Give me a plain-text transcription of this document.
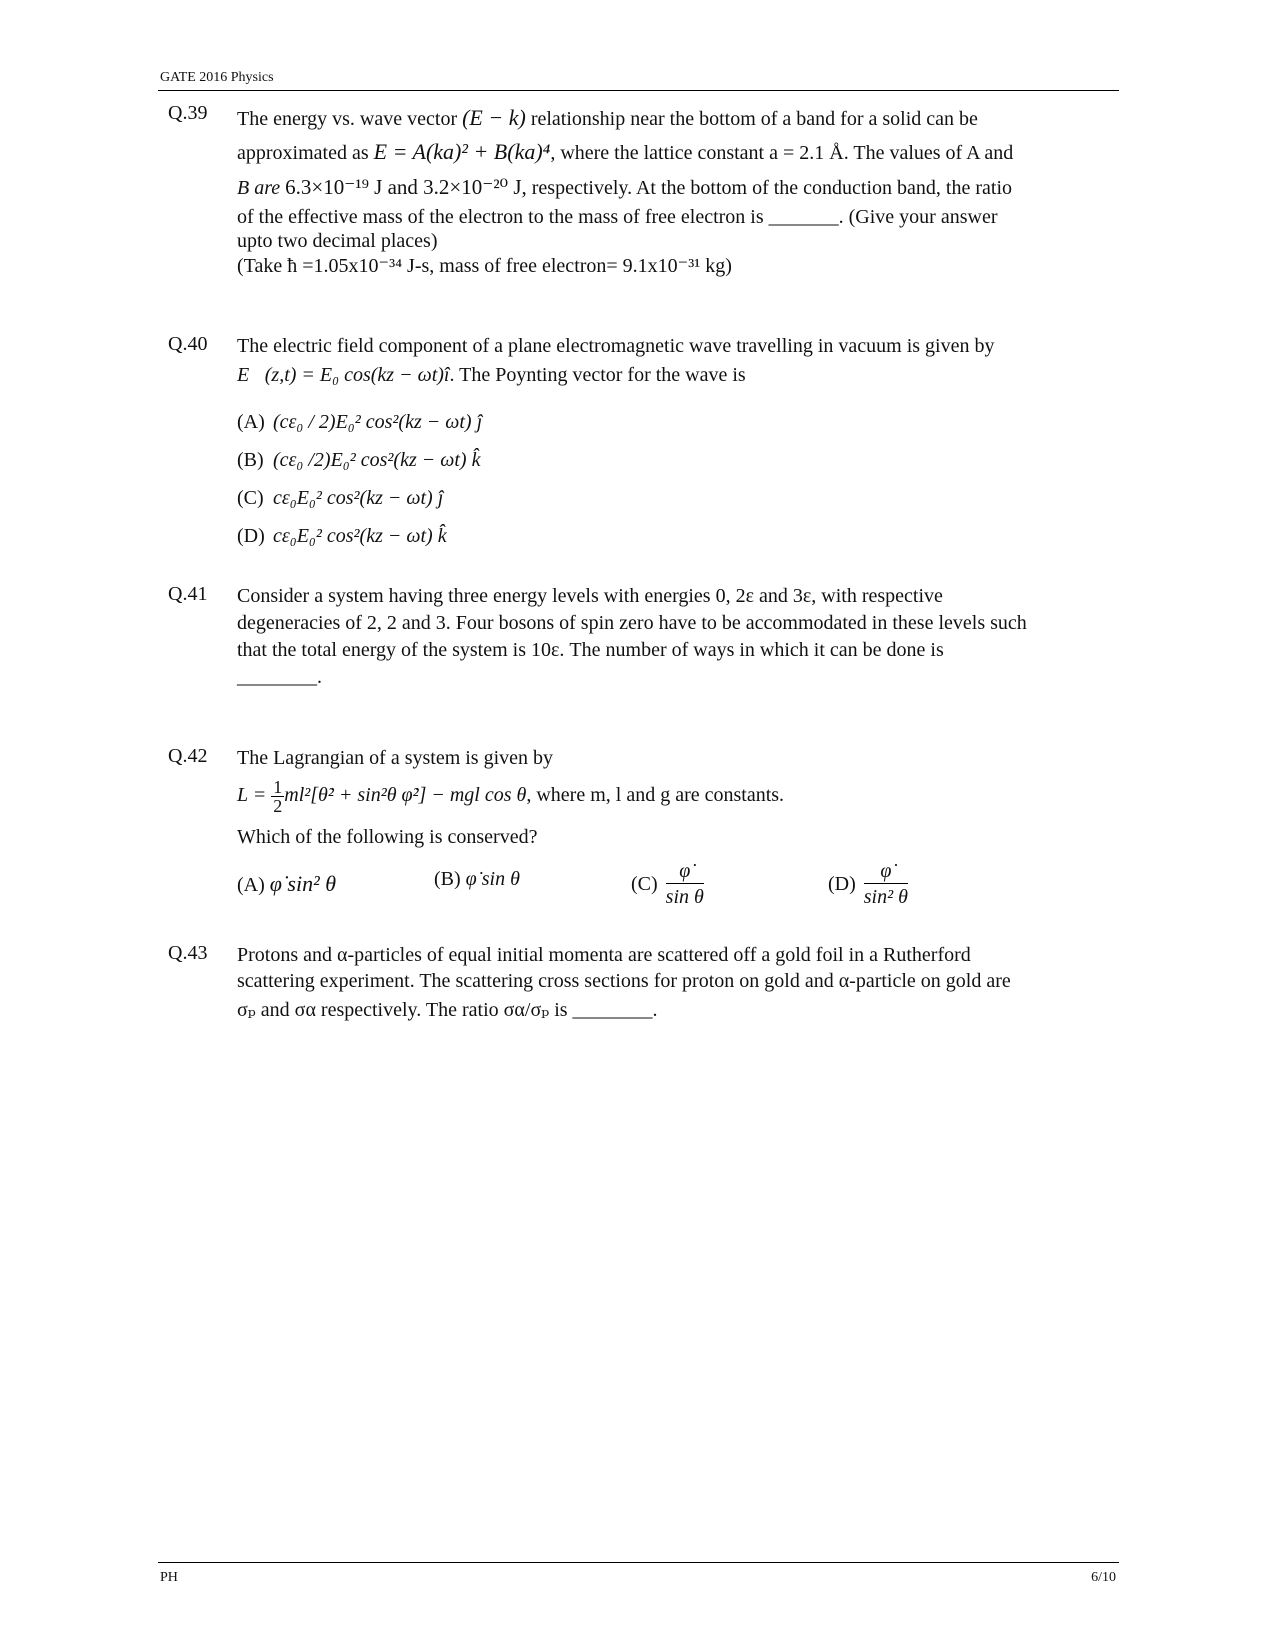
GATE 2016 Physics
Q.39 The energy vs. wave vector (E − k) relationship near the bottom of a band for a solid can be

approximated as E = A(ka)² + B(ka)⁴, where the lattice constant a = 2.1 Å. The values of A and

B are 6.3×10⁻¹⁹ J and 3.2×10⁻²⁰ J, respectively. At the bottom of the conduction band, the ratio

of the effective mass of the electron to the mass of free electron is _______. (Give your answer

upto two decimal places)

(Take ħ =1.05x10⁻³⁴ J-s, mass of free electron= 9.1x10⁻³¹ kg)

Q.40 The electric field component of a plane electromagnetic wave travelling in vacuum is given by

E⃗(z,t) = E₀ cos(kz − ωt)î. The Poynting vector for the wave is

(A) (cε₀ / 2)E₀² cos²(kz − ωt) ĵ

(B) (cε₀ /2)E₀² cos²(kz − ωt) k̂

(C) cε₀E₀² cos²(kz − ωt) ĵ

(D) cε₀E₀² cos²(kz − ωt) k̂

Q.41 Consider a system having three energy levels with energies 0, 2ε and 3ε, with respective

degeneracies of 2, 2 and 3. Four bosons of spin zero have to be accommodated in these levels such

that the total energy of the system is 10ε. The number of ways in which it can be done is

________.

Q.42 The Lagrangian of a system is given by

$L = \frac{1}{2}$ ml²[θ̇² + sin²θ φ̇²] − mgl cos θ, where m, l and g are constants.

Which of the following is conserved?

(A) φ̇ sin² θ	(B) φ̇ sin θ	$(C) \frac{\varphi̇}{\text{sin θ}}$	$(D) \frac{\varphi̇}{\text{sin² θ}}$
Q.43 Protons and α-particles of equal initial momenta are scattered off a gold foil in a Rutherford

scattering experiment. The scattering cross sections for proton on gold and α-particle on gold are

σₚ and σα respectively. The ratio σα/σₚ is ________.

PH	6/10
